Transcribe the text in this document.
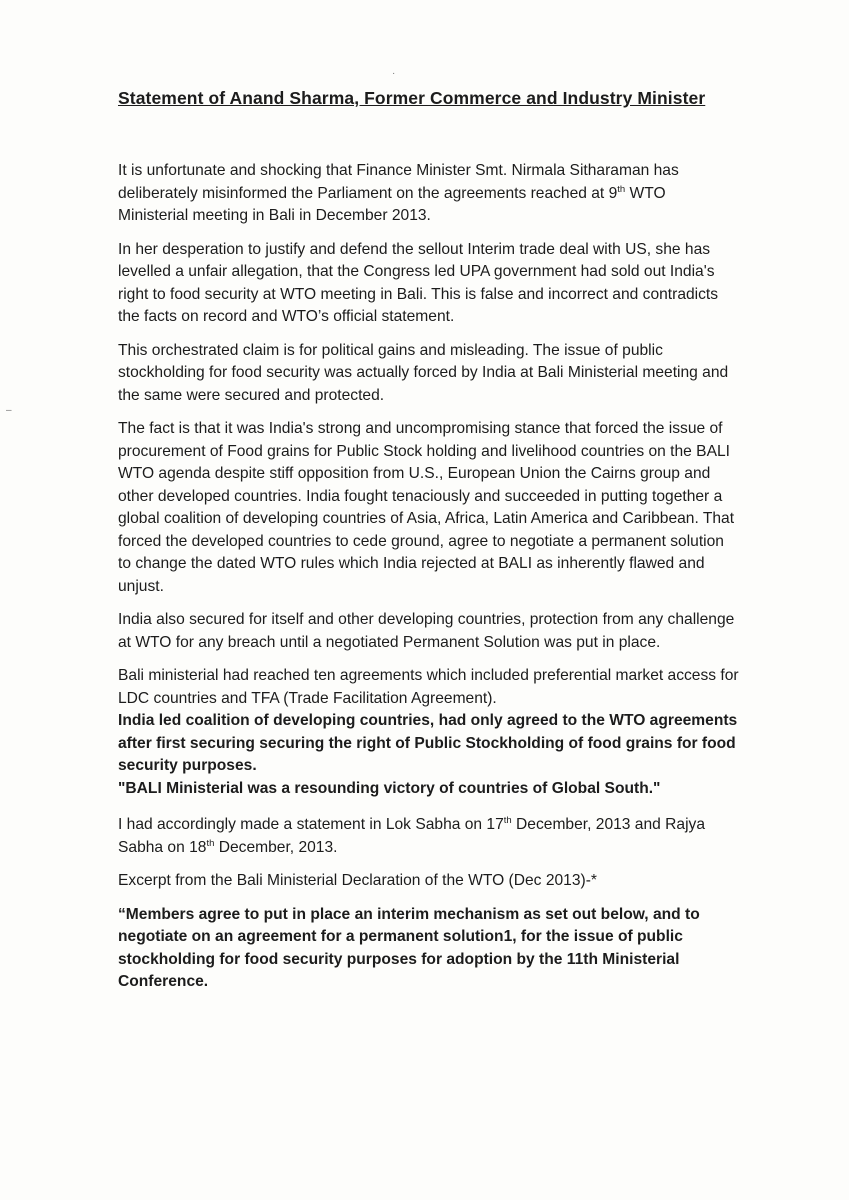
Statement of Anand Sharma, Former Commerce and Industry Minister

It is unfortunate and shocking that Finance Minister Smt. Nirmala Sitharaman has deliberately misinformed the Parliament on the agreements reached at 9th WTO Ministerial meeting in Bali in December 2013.

In her desperation to justify and defend the sellout Interim trade deal with US, she has levelled a unfair allegation, that the Congress led UPA government had sold out India's right to food security at WTO meeting in Bali. This is false and incorrect and contradicts the facts on record and WTO’s official statement.

This orchestrated claim is for political gains and misleading. The issue of public stockholding for food security was actually forced by India at Bali Ministerial meeting and the same were secured and protected.

The fact is that it was India's strong and uncompromising stance that forced the issue of procurement of Food grains for Public Stock holding and livelihood countries on the BALI WTO agenda despite stiff opposition from U.S., European Union the Cairns group and other developed countries. India fought tenaciously and succeeded in putting together a global coalition of developing countries of Asia, Africa, Latin America and Caribbean. That forced the developed countries to cede ground, agree to negotiate a permanent solution to change the dated WTO rules which India rejected at BALI as inherently flawed and unjust.

India also secured for itself and other developing countries, protection from any challenge at WTO for any breach until a negotiated Permanent Solution was put in place.

Bali ministerial had reached ten agreements which included preferential market access for LDC countries and TFA (Trade Facilitation Agreement).

India led coalition of developing countries, had only agreed to the WTO agreements after first securing securing the right of Public Stockholding of food grains for food security purposes.

"BALI Ministerial was a resounding victory of countries of Global South."

I had accordingly made a statement in Lok Sabha on 17th December, 2013 and Rajya Sabha on 18th December, 2013.

Excerpt from the Bali Ministerial Declaration of the WTO (Dec 2013)-*

“Members agree to put in place an interim mechanism as set out below, and to negotiate on an agreement for a permanent solution1, for the issue of public stockholding for food security purposes for adoption by the 11th Ministerial Conference.

·
–
